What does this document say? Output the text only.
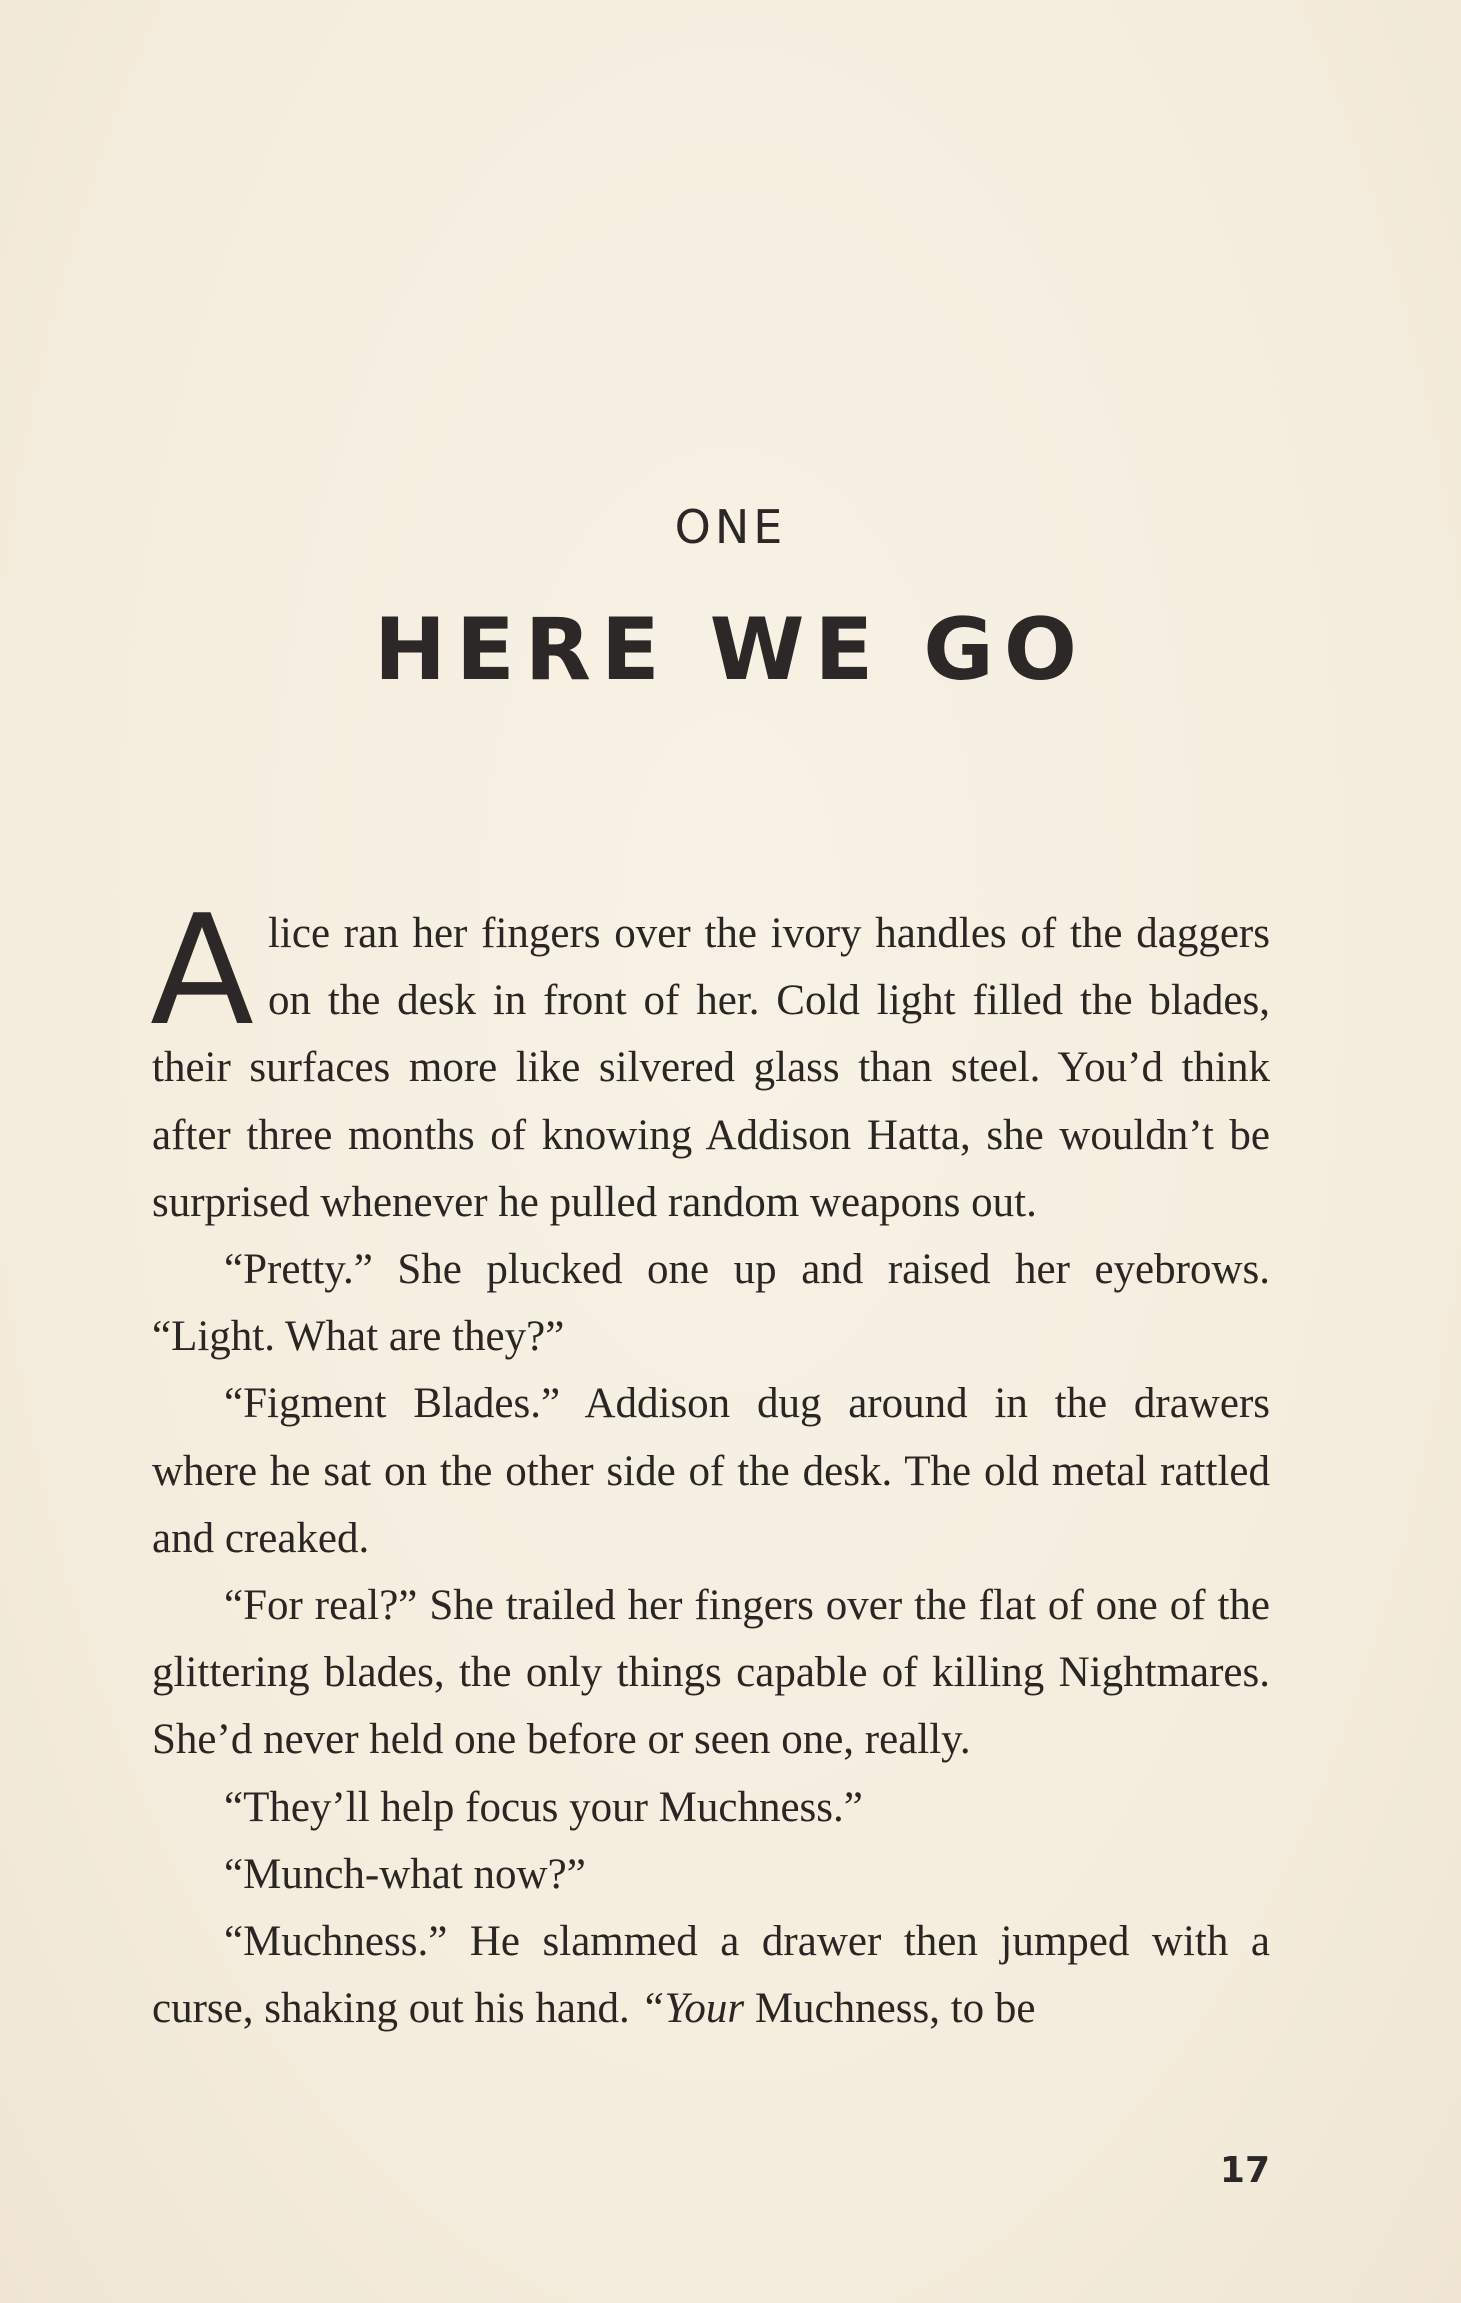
ONE
HERE WE GO

Alice ran her fingers over the ivory handles of the daggers on the desk in front of her. Cold light filled the blades, their surfaces more like silvered glass than steel. You’d think after three months of knowing Addison Hatta, she wouldn’t be surprised whenever he pulled random weapons out.

“Pretty.” She plucked one up and raised her eyebrows. “Light. What are they?”

“Figment Blades.” Addison dug around in the drawers where he sat on the other side of the desk. The old metal rattled and creaked.

“For real?” She trailed her fingers over the flat of one of the glittering blades, the only things capable of killing Nightmares. She’d never held one before or seen one, really.

“They’ll help focus your Muchness.”

“Munch-what now?”

“Muchness.” He slammed a drawer then jumped with a curse, shaking out his hand. “Your Muchness, to be

17
